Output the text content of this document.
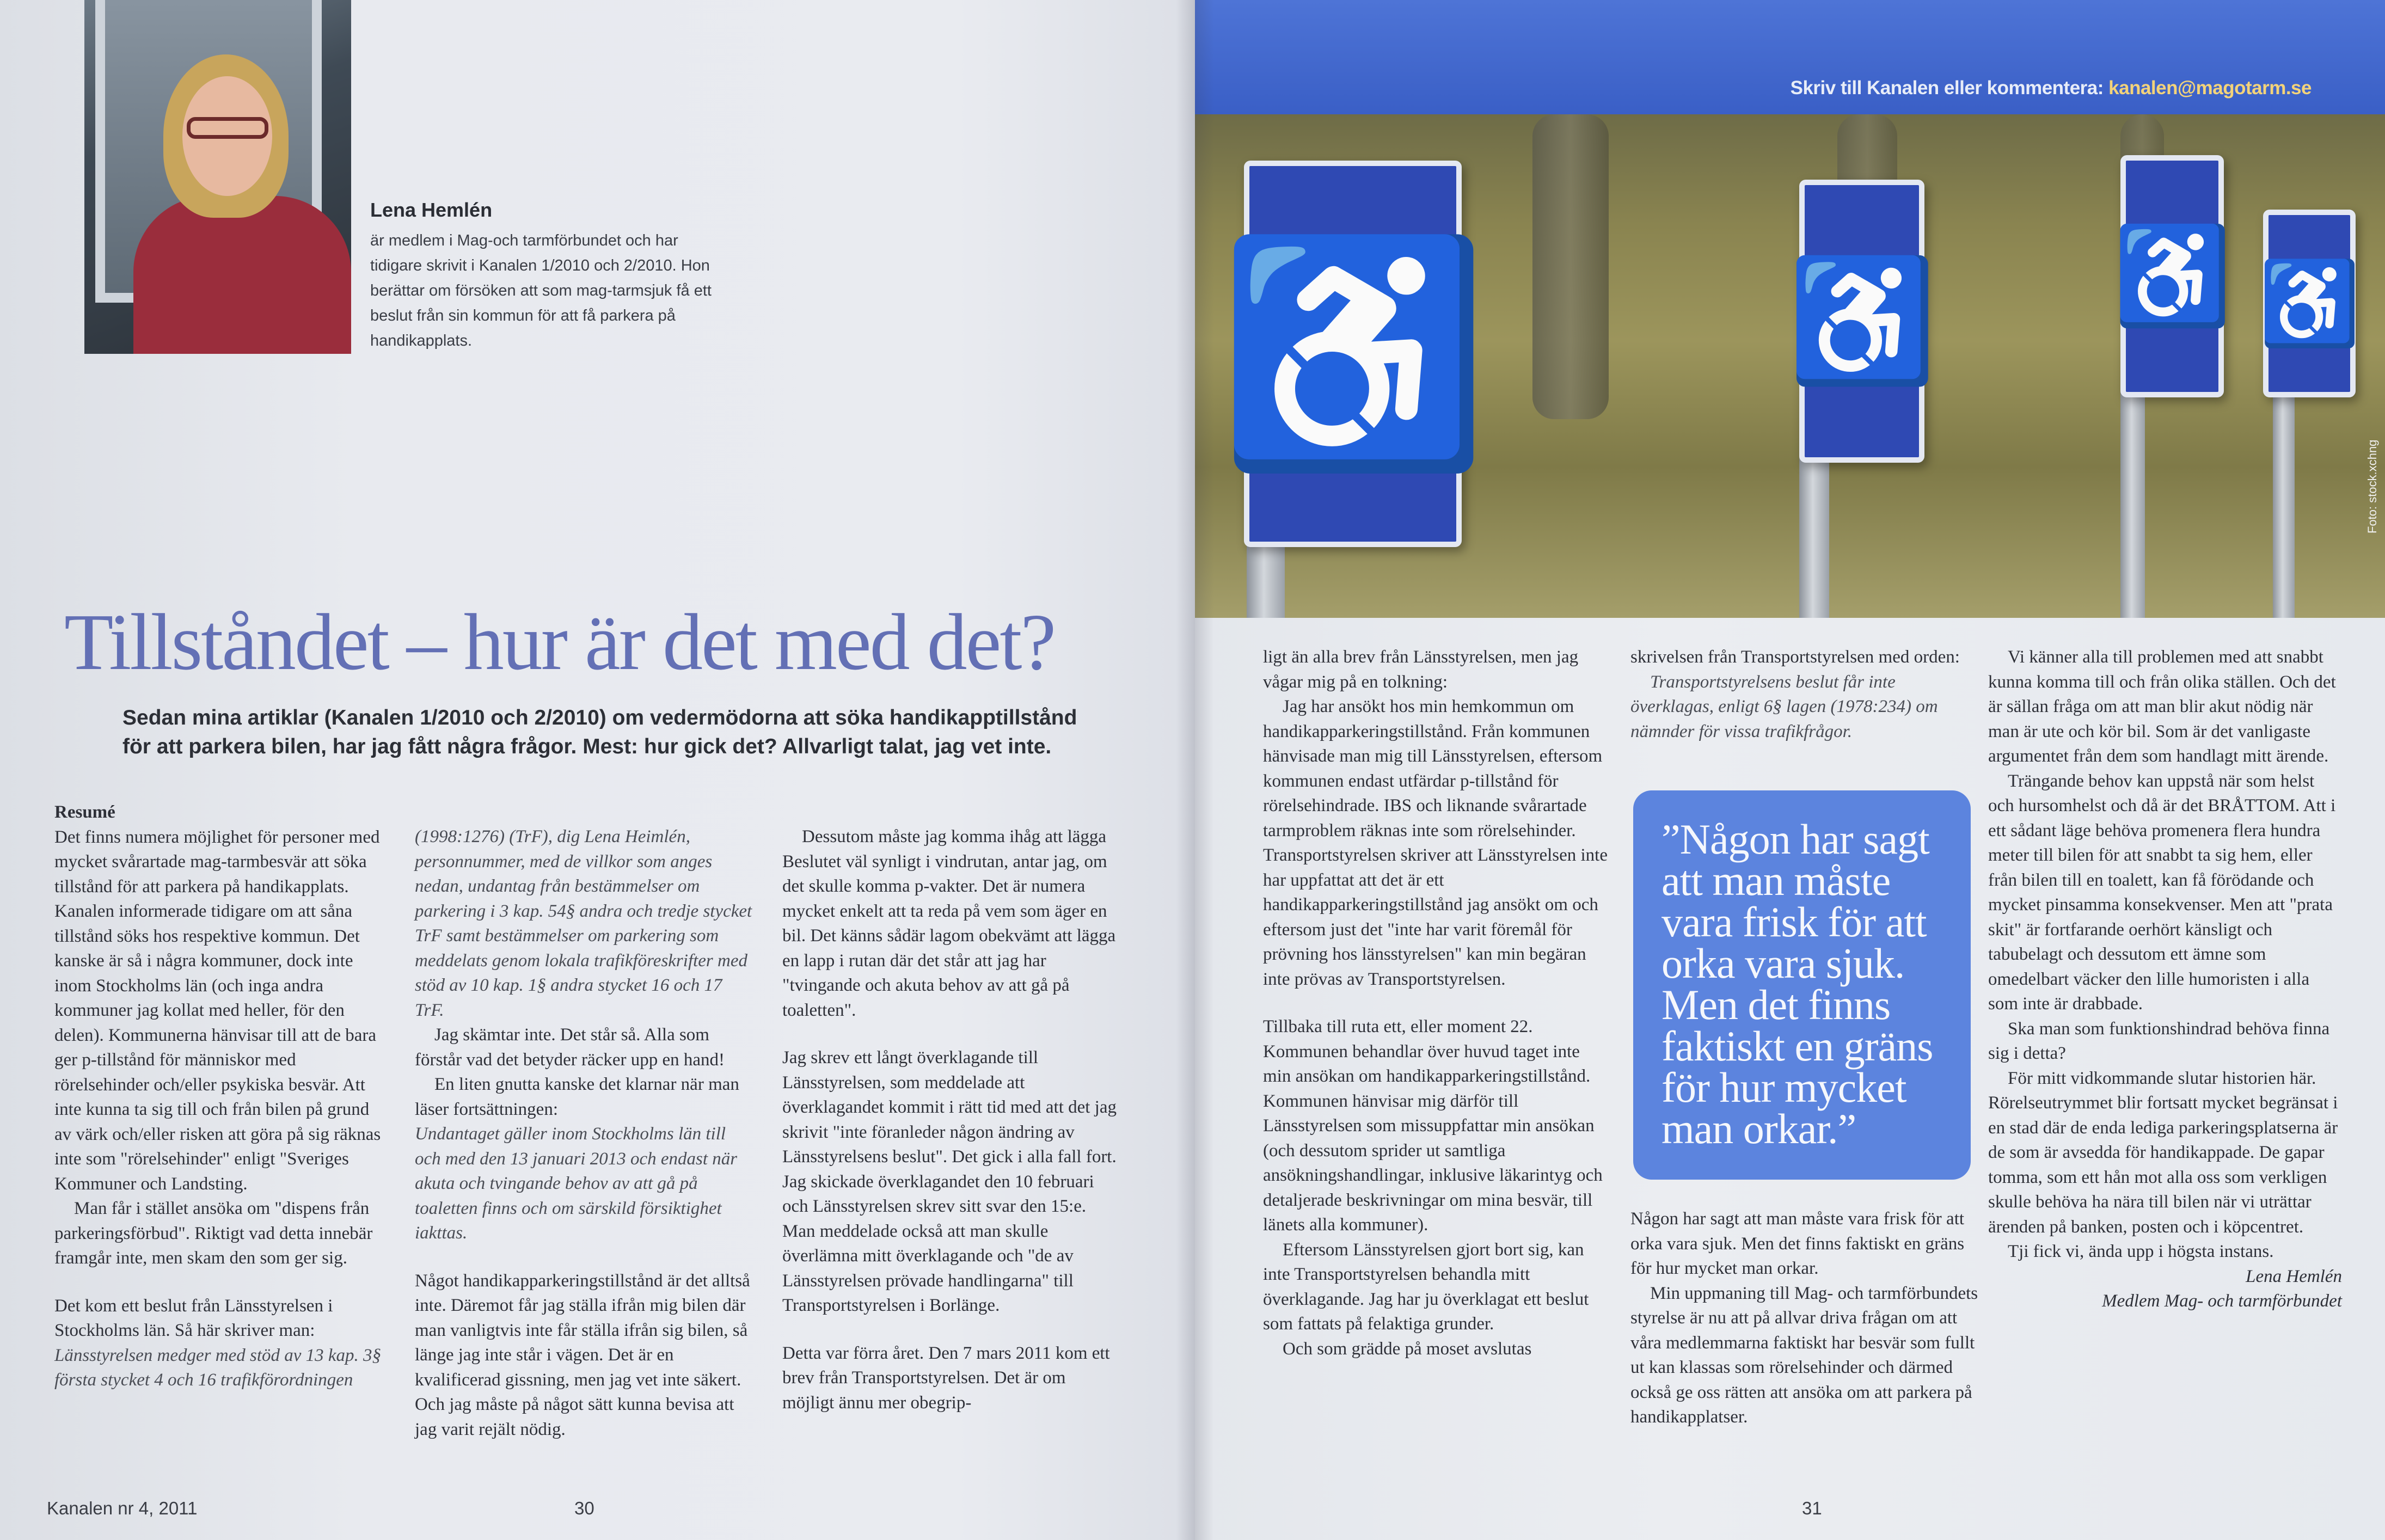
Lena Hemlén
är medlem i Mag-och tarmförbundet och har tidigare skrivit i Kanalen 1/2010 och 2/2010. Hon berättar om försöken att som mag-tarmsjuk få ett beslut från sin kommun för att få parkera på handikapplats.
Tillståndet – hur är det med det?
Sedan mina artiklar (Kanalen 1/2010 och 2/2010) om vedermödorna att söka handikapptillstånd för att parkera bilen, har jag fått några frågor. Mest: hur gick det? Allvarligt talat, jag vet inte.

Resumé

Det finns numera möjlighet för personer med mycket svårartade mag-tarmbesvär att söka tillstånd för att parkera på handikapplats. Kanalen informerade tidigare om att såna tillstånd söks hos respektive kommun. Det kanske är så i några kommuner, dock inte inom Stockholms län (och inga andra kommuner jag kollat med heller, för den delen). Kommunerna hänvisar till att de bara ger p-tillstånd för människor med rörelsehinder och/eller psykiska besvär. Att inte kunna ta sig till och från bilen på grund av värk och/eller risken att göra på sig räknas inte som "rörelsehinder" enligt "Sveriges Kommuner och Landsting.

Man får i stället ansöka om "dispens från parkeringsförbud". Riktigt vad detta innebär framgår inte, men skam den som ger sig.

Det kom ett beslut från Länsstyrelsen i Stockholms län. Så här skriver man:

Länsstyrelsen medger med stöd av 13 kap. 3§ första stycket 4 och 16 trafikförordningen

(1998:1276) (TrF), dig Lena Heimlén, personnummer, med de villkor som anges nedan, undantag från bestämmelser om parkering i 3 kap. 54§ andra och tredje stycket TrF samt bestämmelser om parkering som meddelats genom lokala trafikföreskrifter med stöd av 10 kap. 1§ andra stycket 16 och 17 TrF.

Jag skämtar inte. Det står så. Alla som förstår vad det betyder räcker upp en hand!

En liten gnutta kanske det klarnar när man läser fortsättningen:

Undantaget gäller inom Stockholms län till och med den 13 januari 2013 och endast när akuta och tvingande behov av att gå på toaletten finns och om särskild försiktighet iakttas.

Något handikapparkeringstillstånd är det alltså inte. Däremot får jag ställa ifrån mig bilen där man vanligtvis inte får ställa ifrån sig bilen, så länge jag inte står i vägen. Det är en kvalificerad gissning, men jag vet inte säkert. Och jag måste på något sätt kunna bevisa att jag varit rejält nödig.

Dessutom måste jag komma ihåg att lägga Beslutet väl synligt i vindrutan, antar jag, om det skulle komma p-vakter. Det är numera mycket enkelt att ta reda på vem som äger en bil. Det känns sådär lagom obekvämt att lägga en lapp i rutan där det står att jag har "tvingande och akuta behov av att gå på toaletten".

Jag skrev ett långt överklagande till Länsstyrelsen, som meddelade att överklagandet kommit i rätt tid med att det jag skrivit "inte föranleder någon ändring av Länsstyrelsens beslut". Det gick i alla fall fort. Jag skickade överklagandet den 10 februari och Länsstyrelsen skrev sitt svar den 15:e. Man meddelade också att man skulle överlämna mitt överklagande och "de av Länsstyrelsen prövade handlingarna" till Transportstyrelsen i Borlänge.

Detta var förra året. Den 7 mars 2011 kom ett brev från Transportstyrelsen. Det är om möjligt ännu mer obegrip-

Kanalen nr 4, 2011	30
Skriv till Kanalen eller kommentera: kanalen@magotarm.se
♿ ♿ ♿ ♿
Foto: stock.xchng

ligt än alla brev från Länsstyrelsen, men jag vågar mig på en tolkning:

Jag har ansökt hos min hemkommun om handikapparkeringstillstånd. Från kommunen hänvisade man mig till Länsstyrelsen, eftersom kommunen endast utfärdar p-tillstånd för rörelsehindrade. IBS och liknande svårartade tarmproblem räknas inte som rörelsehinder. Transportstyrelsen skriver att Länsstyrelsen inte har uppfattat att det är ett handikapparkeringstillstånd jag ansökt om och eftersom just det "inte har varit föremål för prövning hos länsstyrelsen" kan min begäran inte prövas av Transportstyrelsen.

Tillbaka till ruta ett, eller moment 22. Kommunen behandlar över huvud taget inte min ansökan om handikapparkeringstillstånd. Kommunen hänvisar mig därför till Länsstyrelsen som missuppfattar min ansökan (och dessutom sprider ut samtliga ansökningshandlingar, inklusive läkarintyg och detaljerade beskrivningar om mina besvär, till länets alla kommuner).

Eftersom Länsstyrelsen gjort bort sig, kan inte Transportstyrelsen behandla mitt överklagande. Jag har ju överklagat ett beslut som fattats på felaktiga grunder.

Och som grädde på moset avslutas

skrivelsen från Transportstyrelsen med orden:

Transportstyrelsens beslut får inte överklagas, enligt 6§ lagen (1978:234) om nämnder för vissa trafikfrågor.

Någon har sagt att man måste vara frisk för att orka vara sjuk. Men det finns faktiskt en gräns för hur mycket man orkar.

Min uppmaning till Mag- och tarmförbundets styrelse är nu att på allvar driva frågan om att våra medlemmarna faktiskt har besvär som fullt ut kan klassas som rörelsehinder och därmed också ge oss rätten att ansöka om att parkera på handikapplatser.

”Någon har sagt att man måste vara frisk för att orka vara sjuk. Men det finns faktiskt en gräns för hur mycket man orkar.”

Vi känner alla till problemen med att snabbt kunna komma till och från olika ställen. Och det är sällan fråga om att man blir akut nödig när man är ute och kör bil. Som är det vanligaste argumentet från dem som handlagt mitt ärende.

Trängande behov kan uppstå när som helst och hursomhelst och då är det BRÅTTOM. Att i ett sådant läge behöva promenera flera hundra meter till bilen för att snabbt ta sig hem, eller från bilen till en toalett, kan få förödande och mycket pinsamma konsekvenser. Men att "prata skit" är fortfarande oerhört känsligt och tabubelagt och dessutom ett ämne som omedelbart väcker den lille humoristen i alla som inte är drabbade.

Ska man som funktionshindrad behöva finna sig i detta?

För mitt vidkommande slutar historien här. Rörelseutrymmet blir fortsatt mycket begränsat i en stad där de enda lediga parkeringsplatserna är de som är avsedda för handikappade. De gapar tomma, som ett hån mot alla oss som verkligen skulle behöva ha nära till bilen när vi uträttar ärenden på banken, posten och i köpcentret.

Tji fick vi, ända upp i högsta instans.

Lena Hemlén

Medlem Mag- och tarmförbundet

31
